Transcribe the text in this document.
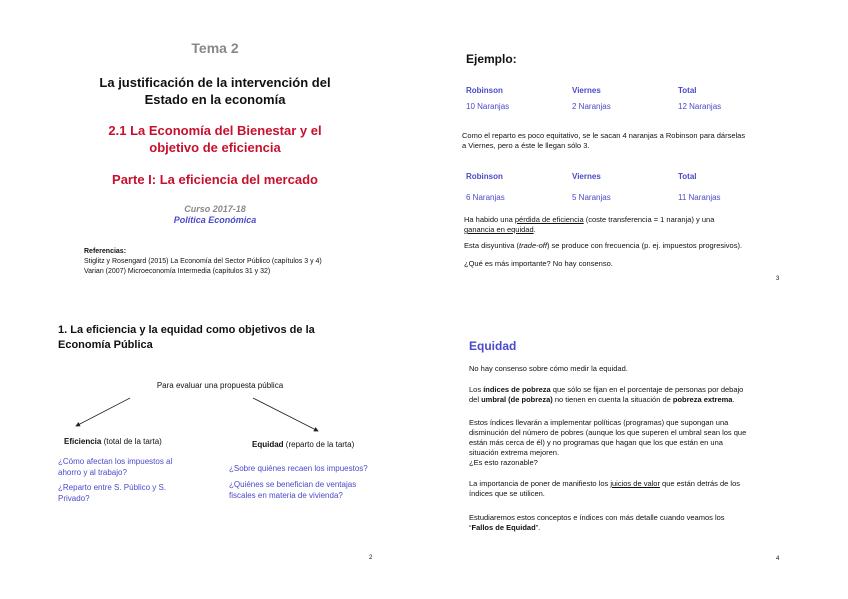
Tema 2
La justificación de la intervención del
Estado en la economía
2.1 La Economía del Bienestar y el
objetivo de eficiencia
Parte I: La eficiencia del mercado
Curso 2017-18
Política Económica
Referencias:
Stiglitz y Rosengard (2015) La Economía del Sector Público (capítulos 3 y 4)
Varian (2007) Microeconomía Intermedia (capítulos 31 y 32)
Ejemplo:
Robinson	Viernes	Total
10 Naranjas	2 Naranjas	12 Naranjas
Como el reparto es poco equitativo, se le sacan 4 naranjas a Robinson para dárselas
a Viernes, pero a éste le llegan sólo 3.
Robinson	Viernes	Total
6 Naranjas	5 Naranjas	11 Naranjas
Ha habido una pérdida de eficiencia (coste transferencia = 1 naranja) y una
ganancia en equidad.
Esta disyuntiva (trade-off) se produce con frecuencia (p. ej. impuestos progresivos).
¿Qué es más importante? No hay consenso.
3
1. La eficiencia y la equidad como objetivos de la
Economía Pública
Para evaluar una propuesta pública
Eficiencia (total de la tarta)
¿Cómo afectan los impuestos al
ahorro y al trabajo?
¿Reparto entre S. Público y S.
Privado?
Equidad (reparto de la tarta)
¿Sobre quiénes recaen los impuestos?
¿Quiénes se benefician de ventajas
fiscales en materia de vivienda?
2
Equidad
No hay consenso sobre cómo medir la equidad.
Los índices de pobreza que sólo se fijan en el porcentaje de personas por debajo
del umbral (de pobreza) no tienen en cuenta la situación de pobreza extrema.
Estos índices llevarán a implementar políticas (programas) que supongan una
disminución del número de pobres (aunque los que superen el umbral sean los que
están más cerca de él) y no programas que hagan que los que están en una
situación extrema mejoren.
¿Es esto razonable?
La importancia de poner de manifiesto los juicios de valor que están detrás de los
índices que se utilicen.
Estudiaremos estos conceptos e índices con más detalle cuando veamos los
“Fallos de Equidad”.
4
